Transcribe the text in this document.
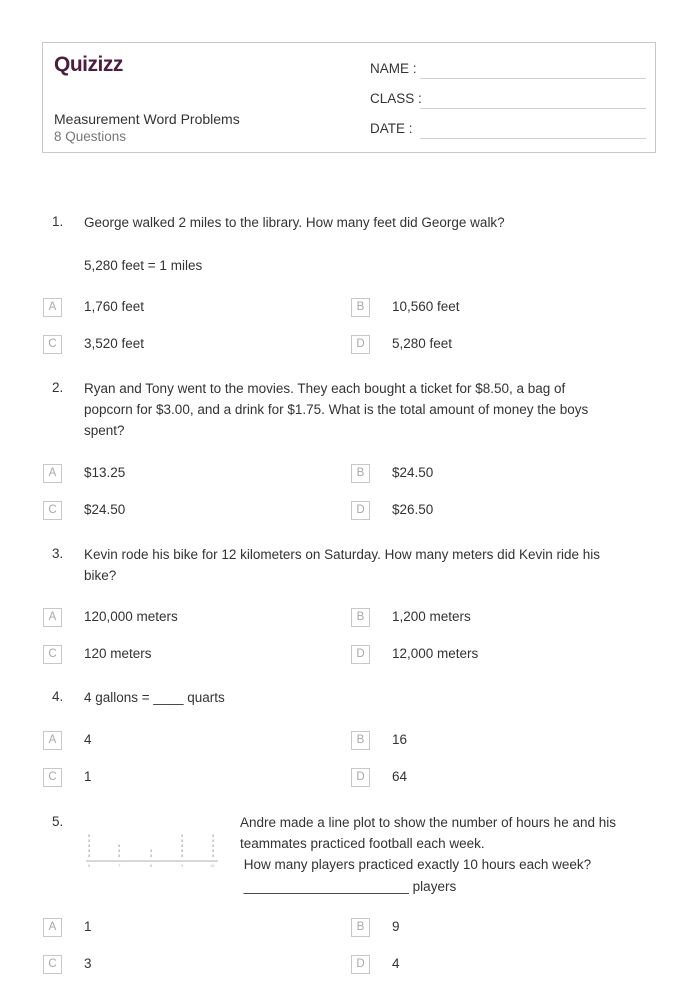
Quizizz
Measurement Word Problems
8 Questions
NAME :
CLASS :
DATE :
1. George walked 2 miles to the library. How many feet did George walk?
5,280 feet = 1 miles
A	1,760 feet	B	10,560 feet
C	3,520 feet	D	5,280 feet
2. Ryan and Tony went to the movies. They each bought a ticket for $8.50, a bag of
popcorn for $3.00, and a drink for $1.75. What is the total amount of money the boys
spent?
A	$13.25	B	$24.50
C	$24.50	D	$26.50
3. Kevin rode his bike for 12 kilometers on Saturday. How many meters did Kevin ride his
bike?
A	120,000 meters	B	1,200 meters
C	120 meters	D	12,000 meters
4. 4 gallons = ____ quarts
A	4	B	16
C	1	D	64
5.
x
x
x
x
x
x
x
x
x
x
x
x
x
x
x
x
x
x
x
x
6	7	8	9	10
Andre made a line plot to show the number of hours he and his
teammates practiced football each week.
How many players practiced exactly 10 hours each week?
______________________ players
A	1	B	9
C	3	D	4
